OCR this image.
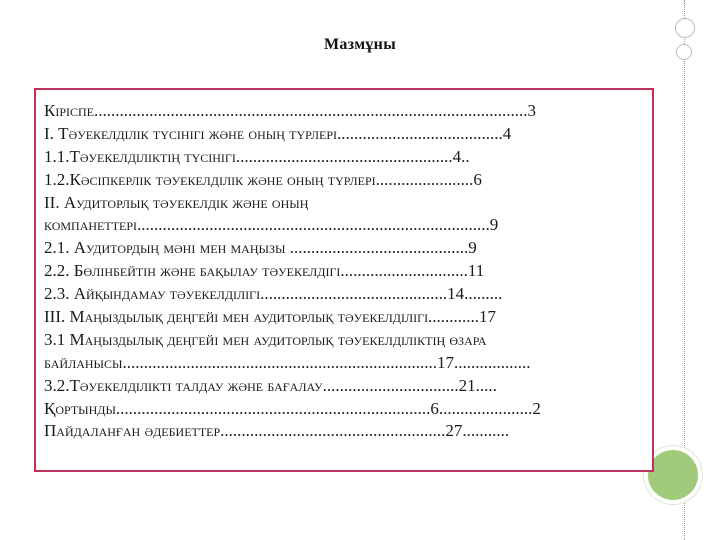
Мазмұны
Кіріспе......................................................................................................3
І. Тәуекелділік түсінігі және оның түрлері.......................................4
1.1.Тәуекелділіктің түсінігі...................................................4..
1.2.Кәсіпкерлік тәуекелділік және оның түрлері.......................6
ІІ. Аудиторлық тәуекелдік және оның
компанеттері...................................................................................9
2.1. Аудитордың мәні мен маңызы ..........................................9
2.2. Бөлінбейтін және бақылау тәуекелдігі..............................11
2.3. Айқындамау тәуекелділігі............................................14.........
ІІІ. Маңыздылық деңгейі мен аудиторлық тәуекелділігі............17
3.1 Маңыздылық деңгейі мен аудиторлық тәуекелділіктің өзара
байланысы..........................................................................17..................
3.2.Тәуекелділікті талдау және бағалау................................21.....
Қортынды..........................................................................6......................2
Пайдаланған әдебиеттер.....................................................27...........
